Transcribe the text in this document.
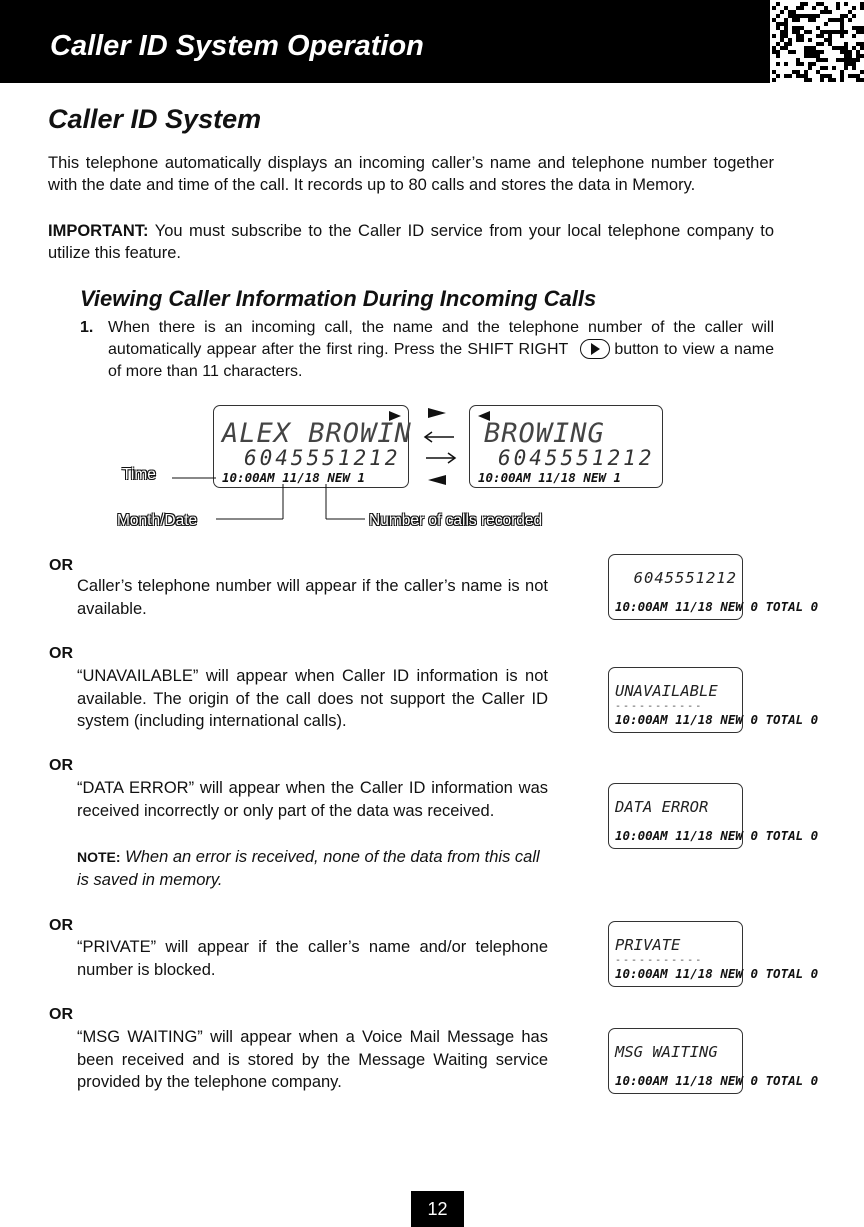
Caller ID System Operation
Caller ID System
This telephone automatically displays an incoming caller’s name and telephone number together with the date and time of the call. It records up to 80 calls and stores the data in Memory.
IMPORTANT: You must subscribe to the Caller ID service from your local telephone company to utilize this feature.
Viewing Caller Information During Incoming Calls
1. When there is an incoming call, the name and the telephone number of the caller will automatically appear after the first ring. Press the SHIFT RIGHT	button to view a name of more than 11 characters.
ALEX BROWIN
6045551212
10:00AM 11/18 NEW 1
BROWING
6045551212
10:00AM 11/18 NEW 1
Time
Month/Date	Number of calls recorded
OR
Caller’s telephone number will appear if the caller’s name is not available.
6045551212
10:00AM 11/18 NEW 0 TOTAL 0
OR
“UNAVAILABLE” will appear when Caller ID information is not available. The origin of the call does not support the Caller ID system (including international calls).
UNAVAILABLE
-----------
10:00AM 11/18 NEW 0 TOTAL 0
OR
“DATA ERROR” will appear when the Caller ID information was received incorrectly or only part of the data was received.
NOTE: When an error is received, none of the data from this call is saved in memory.
DATA ERROR
10:00AM 11/18 NEW 0 TOTAL 0
OR
“PRIVATE” will appear if the caller’s name and/or telephone number is blocked.
PRIVATE
-----------
10:00AM 11/18 NEW 0 TOTAL 0
OR
“MSG WAITING” will appear when a Voice Mail Message has been received and is stored by the Message Waiting service provided by the telephone company.
MSG WAITING
10:00AM 11/18 NEW 0 TOTAL 0
12
